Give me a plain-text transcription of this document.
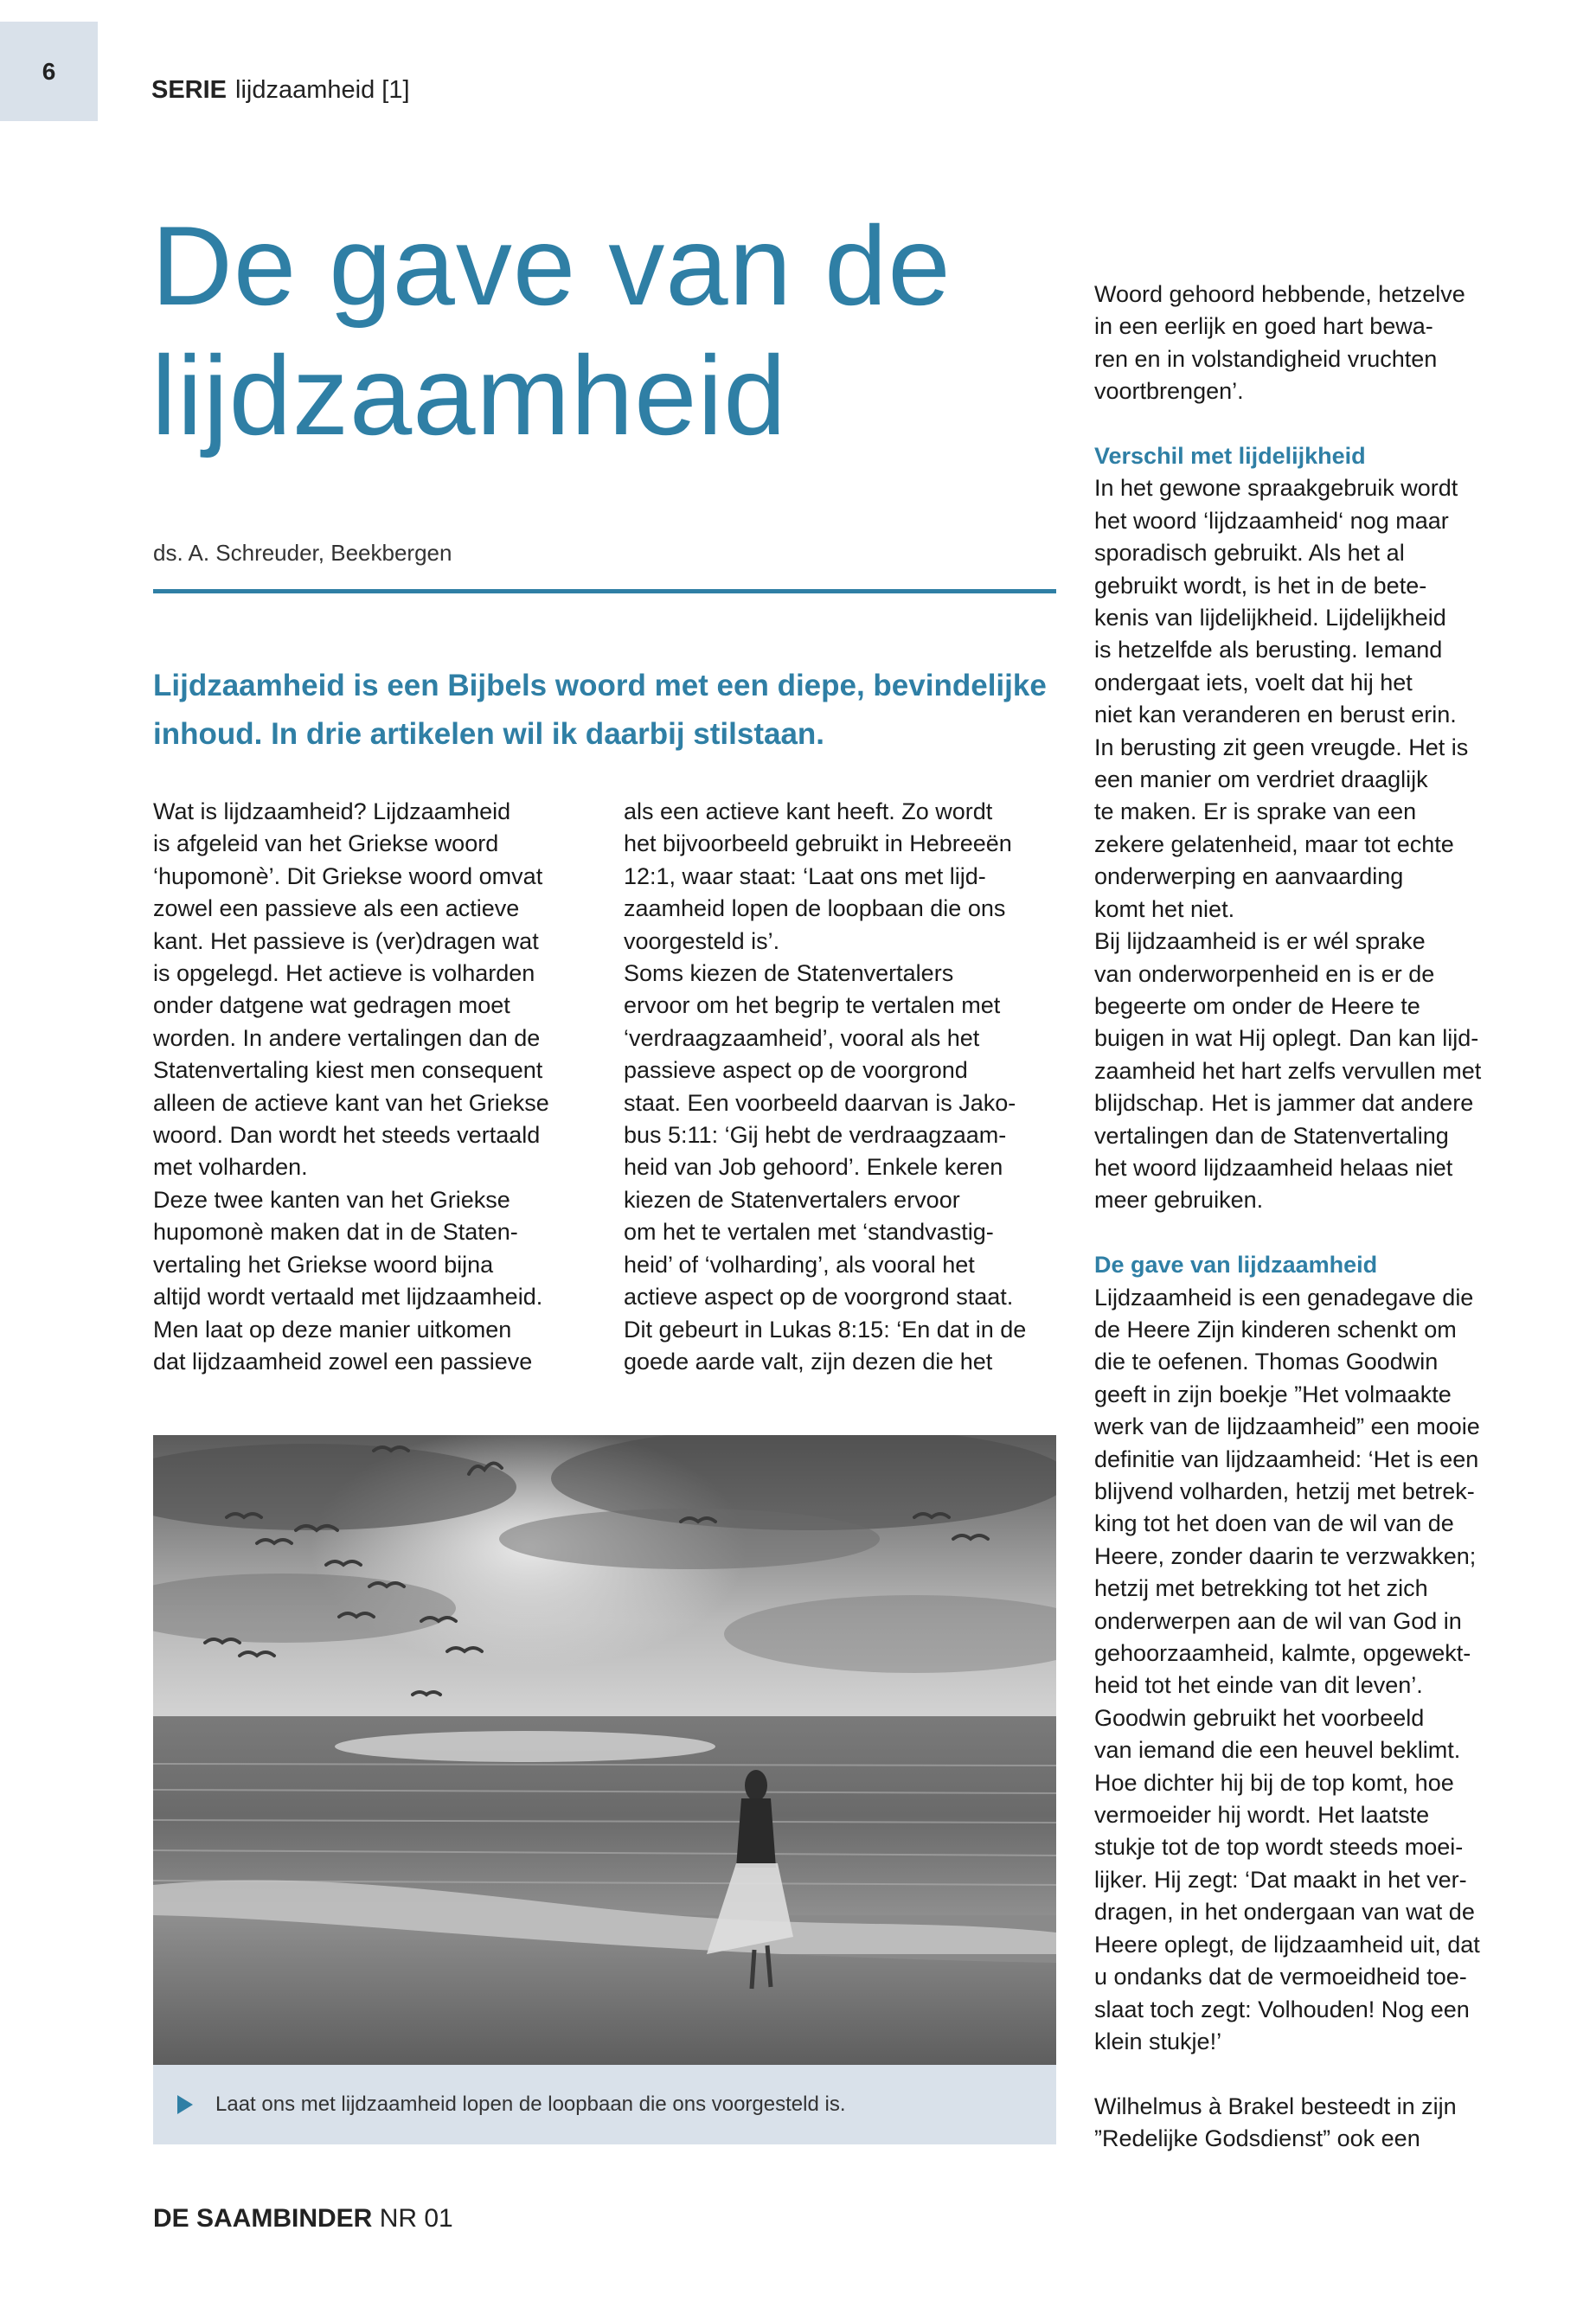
6
SERIE lijdzaamheid [1]
De gave van de
lijdzaamheid
ds. A. Schreuder, Beekbergen
Lijdzaamheid is een Bijbels woord met een diepe, bevindelijke inhoud. In drie artikelen wil ik daarbij stilstaan.

Wat is lijdzaamheid? Lijdzaamheid

is afgeleid van het Griekse woord

‘hupomonè’. Dit Griekse woord omvat

zowel een passieve als een actieve

kant. Het passieve is (ver)dragen wat

is opgelegd. Het actieve is volharden

onder datgene wat gedragen moet

worden. In andere vertalingen dan de

Statenvertaling kiest men consequent

alleen de actieve kant van het Griekse

woord. Dan wordt het steeds vertaald

met volharden.

Deze twee kanten van het Griekse

hupomonè maken dat in de Staten-

vertaling het Griekse woord bijna

altijd wordt vertaald met lijdzaamheid.

Men laat op deze manier uitkomen

dat lijdzaamheid zowel een passieve

als een actieve kant heeft. Zo wordt

het bijvoorbeeld gebruikt in Hebreeën

12:1, waar staat: ‘Laat ons met lijd-

zaamheid lopen de loopbaan die ons

voorgesteld is’.

Soms kiezen de Statenvertalers

ervoor om het begrip te vertalen met

‘verdraagzaamheid’, vooral als het

passieve aspect op de voorgrond

staat. Een voorbeeld daarvan is Jako-

bus 5:11: ‘Gij hebt de verdraagzaam-

heid van Job gehoord’. Enkele keren

kiezen de Statenvertalers ervoor

om het te vertalen met ‘standvastig-

heid’ of ‘volharding’, als vooral het

actieve aspect op de voorgrond staat.

Dit gebeurt in Lukas 8:15: ‘En dat in de

goede aarde valt, zijn dezen die het

Woord gehoord hebbende, hetzelve

in een eerlijk en goed hart bewa-

ren en in volstandigheid vruchten

voortbrengen’.

Verschil met lijdelijkheid

In het gewone spraakgebruik wordt

het woord ‘lijdzaamheid‘ nog maar

sporadisch gebruikt. Als het al

gebruikt wordt, is het in de bete-

kenis van lijdelijkheid. Lijdelijkheid

is hetzelfde als berusting. Iemand

ondergaat iets, voelt dat hij het

niet kan veranderen en berust erin.

In berusting zit geen vreugde. Het is

een manier om verdriet draaglijk

te maken. Er is sprake van een

zekere gelatenheid, maar tot echte

onderwerping en aanvaarding

komt het niet.

Bij lijdzaamheid is er wél sprake

van onderworpenheid en is er de

begeerte om onder de Heere te

buigen in wat Hij oplegt. Dan kan lijd-

zaamheid het hart zelfs vervullen met

blijdschap. Het is jammer dat andere

vertalingen dan de Statenvertaling

het woord lijdzaamheid helaas niet

meer gebruiken.

De gave van lijdzaamheid

Lijdzaamheid is een genadegave die

de Heere Zijn kinderen schenkt om

die te oefenen. Thomas Goodwin

geeft in zijn boekje ”Het volmaakte

werk van de lijdzaamheid” een mooie

definitie van lijdzaamheid: ‘Het is een

blijvend volharden, hetzij met betrek-

king tot het doen van de wil van de

Heere, zonder daarin te verzwakken;

hetzij met betrekking tot het zich

onderwerpen aan de wil van God in

gehoorzaamheid, kalmte, opgewekt-

heid tot het einde van dit leven’.

Goodwin gebruikt het voorbeeld

van iemand die een heuvel beklimt.

Hoe dichter hij bij de top komt, hoe

vermoeider hij wordt. Het laatste

stukje tot de top wordt steeds moei-

lijker. Hij zegt: ‘Dat maakt in het ver-

dragen, in het ondergaan van wat de

Heere oplegt, de lijdzaamheid uit, dat

u ondanks dat de vermoeidheid toe-

slaat toch zegt: Volhouden! Nog een

klein stukje!’

Wilhelmus à Brakel besteedt in zijn

”Redelijke Godsdienst” ook een

Laat ons met lijdzaamheid lopen de loopbaan die ons voorgesteld is.
DE SAAMBINDER NR 01
